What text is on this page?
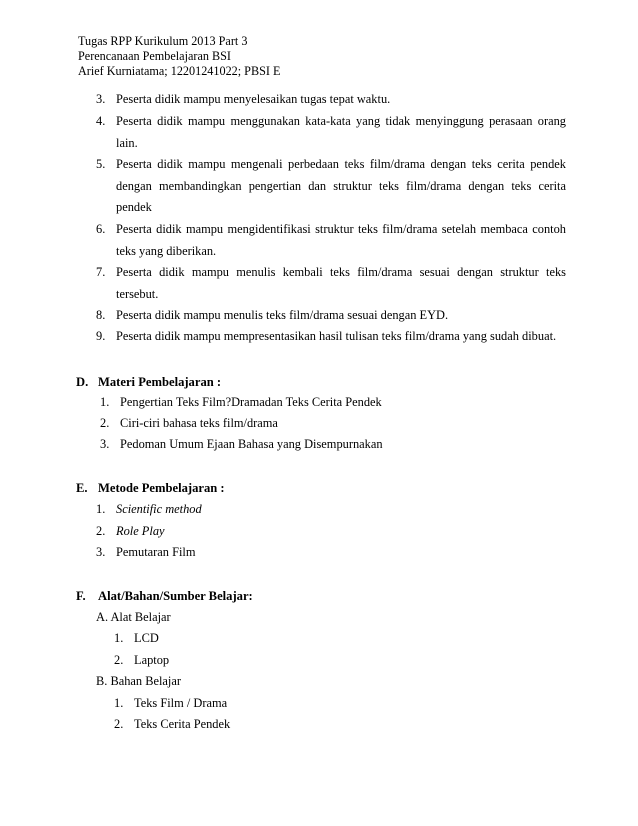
Tugas RPP Kurikulum 2013 Part 3
Perencanaan Pembelajaran BSI
Arief Kurniatama; 12201241022; PBSI E
3. Peserta didik mampu menyelesaikan tugas tepat waktu.
4. Peserta didik mampu menggunakan kata-kata yang tidak menyinggung perasaan orang lain.
5. Peserta didik mampu mengenali perbedaan teks film/drama dengan teks cerita pendek dengan membandingkan pengertian dan struktur teks film/drama dengan teks cerita pendek
6. Peserta didik mampu mengidentifikasi struktur teks film/drama setelah membaca contoh teks yang diberikan.
7. Peserta didik mampu menulis kembali teks film/drama sesuai dengan struktur teks tersebut.
8. Peserta didik mampu menulis teks film/drama sesuai dengan EYD.
9. Peserta didik mampu mempresentasikan hasil tulisan teks film/drama yang sudah dibuat.
D. Materi Pembelajaran :
1. Pengertian Teks Film?Dramadan Teks Cerita Pendek
2. Ciri-ciri bahasa teks film/drama
3. Pedoman Umum Ejaan Bahasa yang Disempurnakan
E. Metode Pembelajaran :
1. Scientific method
2. Role Play
3. Pemutaran Film
F. Alat/Bahan/Sumber Belajar:
A. Alat Belajar
1. LCD
2. Laptop
B. Bahan Belajar
1. Teks Film / Drama
2. Teks Cerita Pendek
